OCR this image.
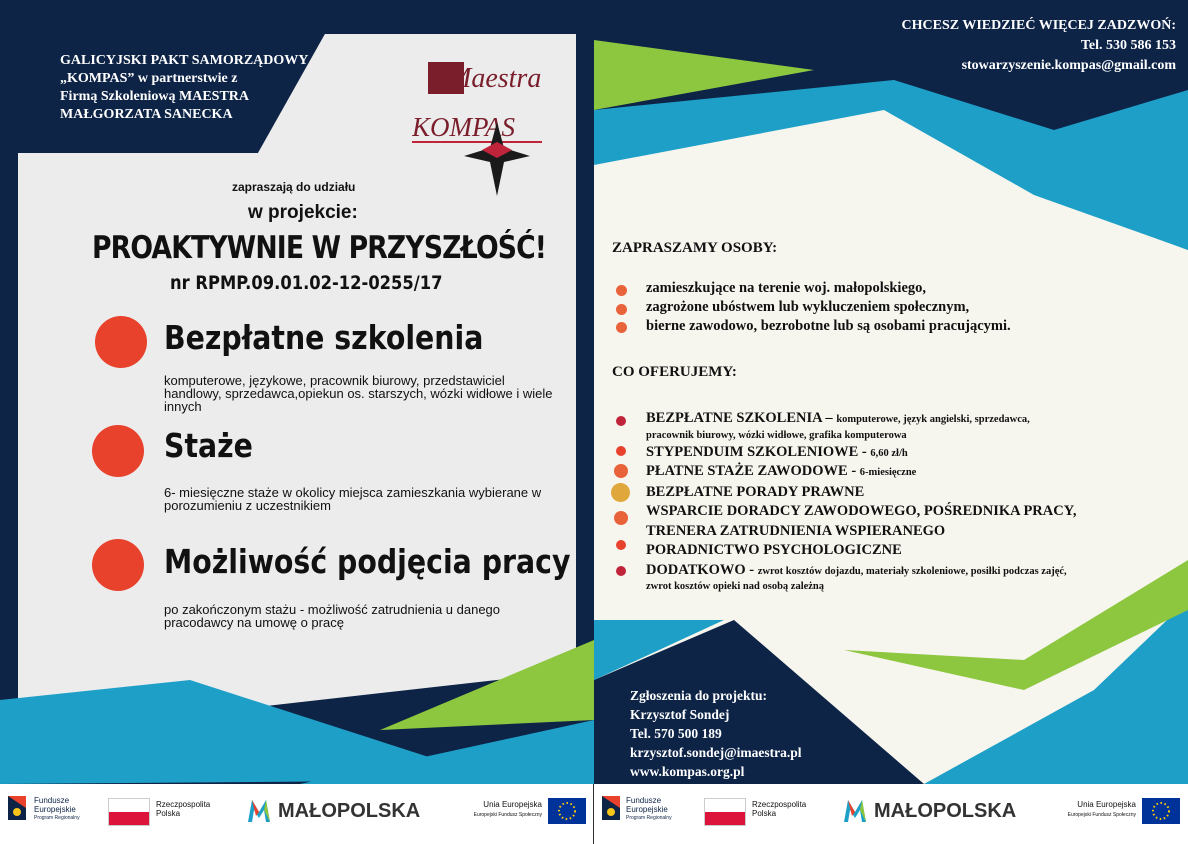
GALICYJSKI PAKT SAMORZĄDOWY
„KOMPAS” w partnerstwie z
Firmą Szkoleniową MAESTRA
MAŁGORZATA SANECKA
Maestra
KOMPAS
zapraszają do udziału
w projekcie:
PROAKTYWNIE W PRZYSZŁOŚĆ!
nr RPMP.09.01.02-12-0255/17
Bezpłatne szkolenia
komputerowe, językowe, pracownik biurowy, przedstawiciel handlowy, sprzedawca,opiekun os. starszych, wózki widłowe i wiele innych
Staże
6- miesięczne staże w okolicy miejsca zamieszkania wybierane w porozumieniu z uczestnikiem
Możliwość podjęcia pracy
po zakończonym stażu - możliwość zatrudnienia u danego pracodawcy na umowę o pracę
CHCESZ WIEDZIEĆ WIĘCEJ ZADZWOŃ:
Tel. 530 586 153
stowarzyszenie.kompas@gmail.com
ZAPRASZAMY OSOBY:
zamieszkujące na terenie woj. małopolskiego,
zagrożone ubóstwem lub wykluczeniem społecznym,
bierne zawodowo, bezrobotne lub są osobami pracującymi.
CO OFERUJEMY:
BEZPŁATNE SZKOLENIA – komputerowe, język angielski, sprzedawca,
pracownik biurowy, wózki widłowe, grafika komputerowa
STYPENDUIM SZKOLENIOWE - 6,60 zł/h
PŁATNE STAŻE ZAWODOWE - 6-miesięczne
BEZPŁATNE PORADY PRAWNE
WSPARCIE DORADCY ZAWODOWEGO, POŚREDNIKA PRACY,
TRENERA ZATRUDNIENIA WSPIERANEGO
PORADNICTWO PSYCHOLOGICZNE
DODATKOWO - zwrot kosztów dojazdu, materiały szkoleniowe, posiłki podczas zajęć,
zwrot kosztów opieki nad osobą zależną
Zgłoszenia do projektu:
Krzysztof Sondej
Tel. 570 500 189
krzysztof.sondej@imaestra.pl
www.kompas.org.pl
Fundusze
Europejskie
Program Regionalny
Rzeczpospolita
Polska	MAŁOPOLSKA	Unia Europejska
Europejski Fundusz Społeczny
Fundusze
Europejskie
Program Regionalny
Rzeczpospolita
Polska	MAŁOPOLSKA	Unia Europejska
Europejski Fundusz Społeczny
